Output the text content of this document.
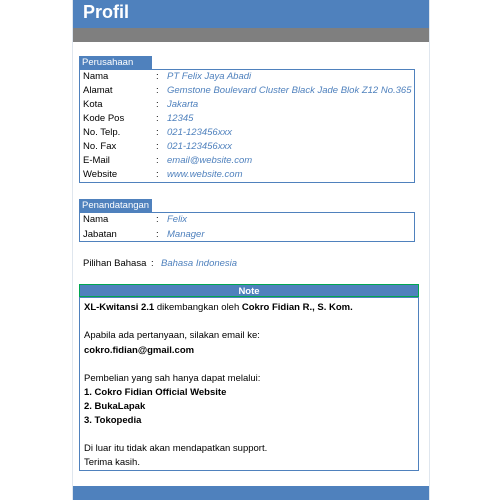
Profil
Perusahaan
Nama	: PT Felix Jaya Abadi
Alamat	: Gemstone Boulevard Cluster Black Jade Blok Z12 No.365
Kota	: Jakarta
Kode Pos	: 12345
No. Telp.	: 021-123456xxx
No. Fax	: 021-123456xxx
E-Mail	: email@website.com
Website	: www.website.com
Penandatangan
Nama	: Felix
Jabatan	: Manager
Pilihan Bahasa : Bahasa Indonesia
Note
XL-Kwitansi 2.1 dikembangkan oleh Cokro Fidian R., S. Kom.
Apabila ada pertanyaan, silakan email ke:
cokro.fidian@gmail.com
Pembelian yang sah hanya dapat melalui:
1. Cokro Fidian Official Website
2. BukaLapak
3. Tokopedia
Di luar itu tidak akan mendapatkan support.
Terima kasih.
